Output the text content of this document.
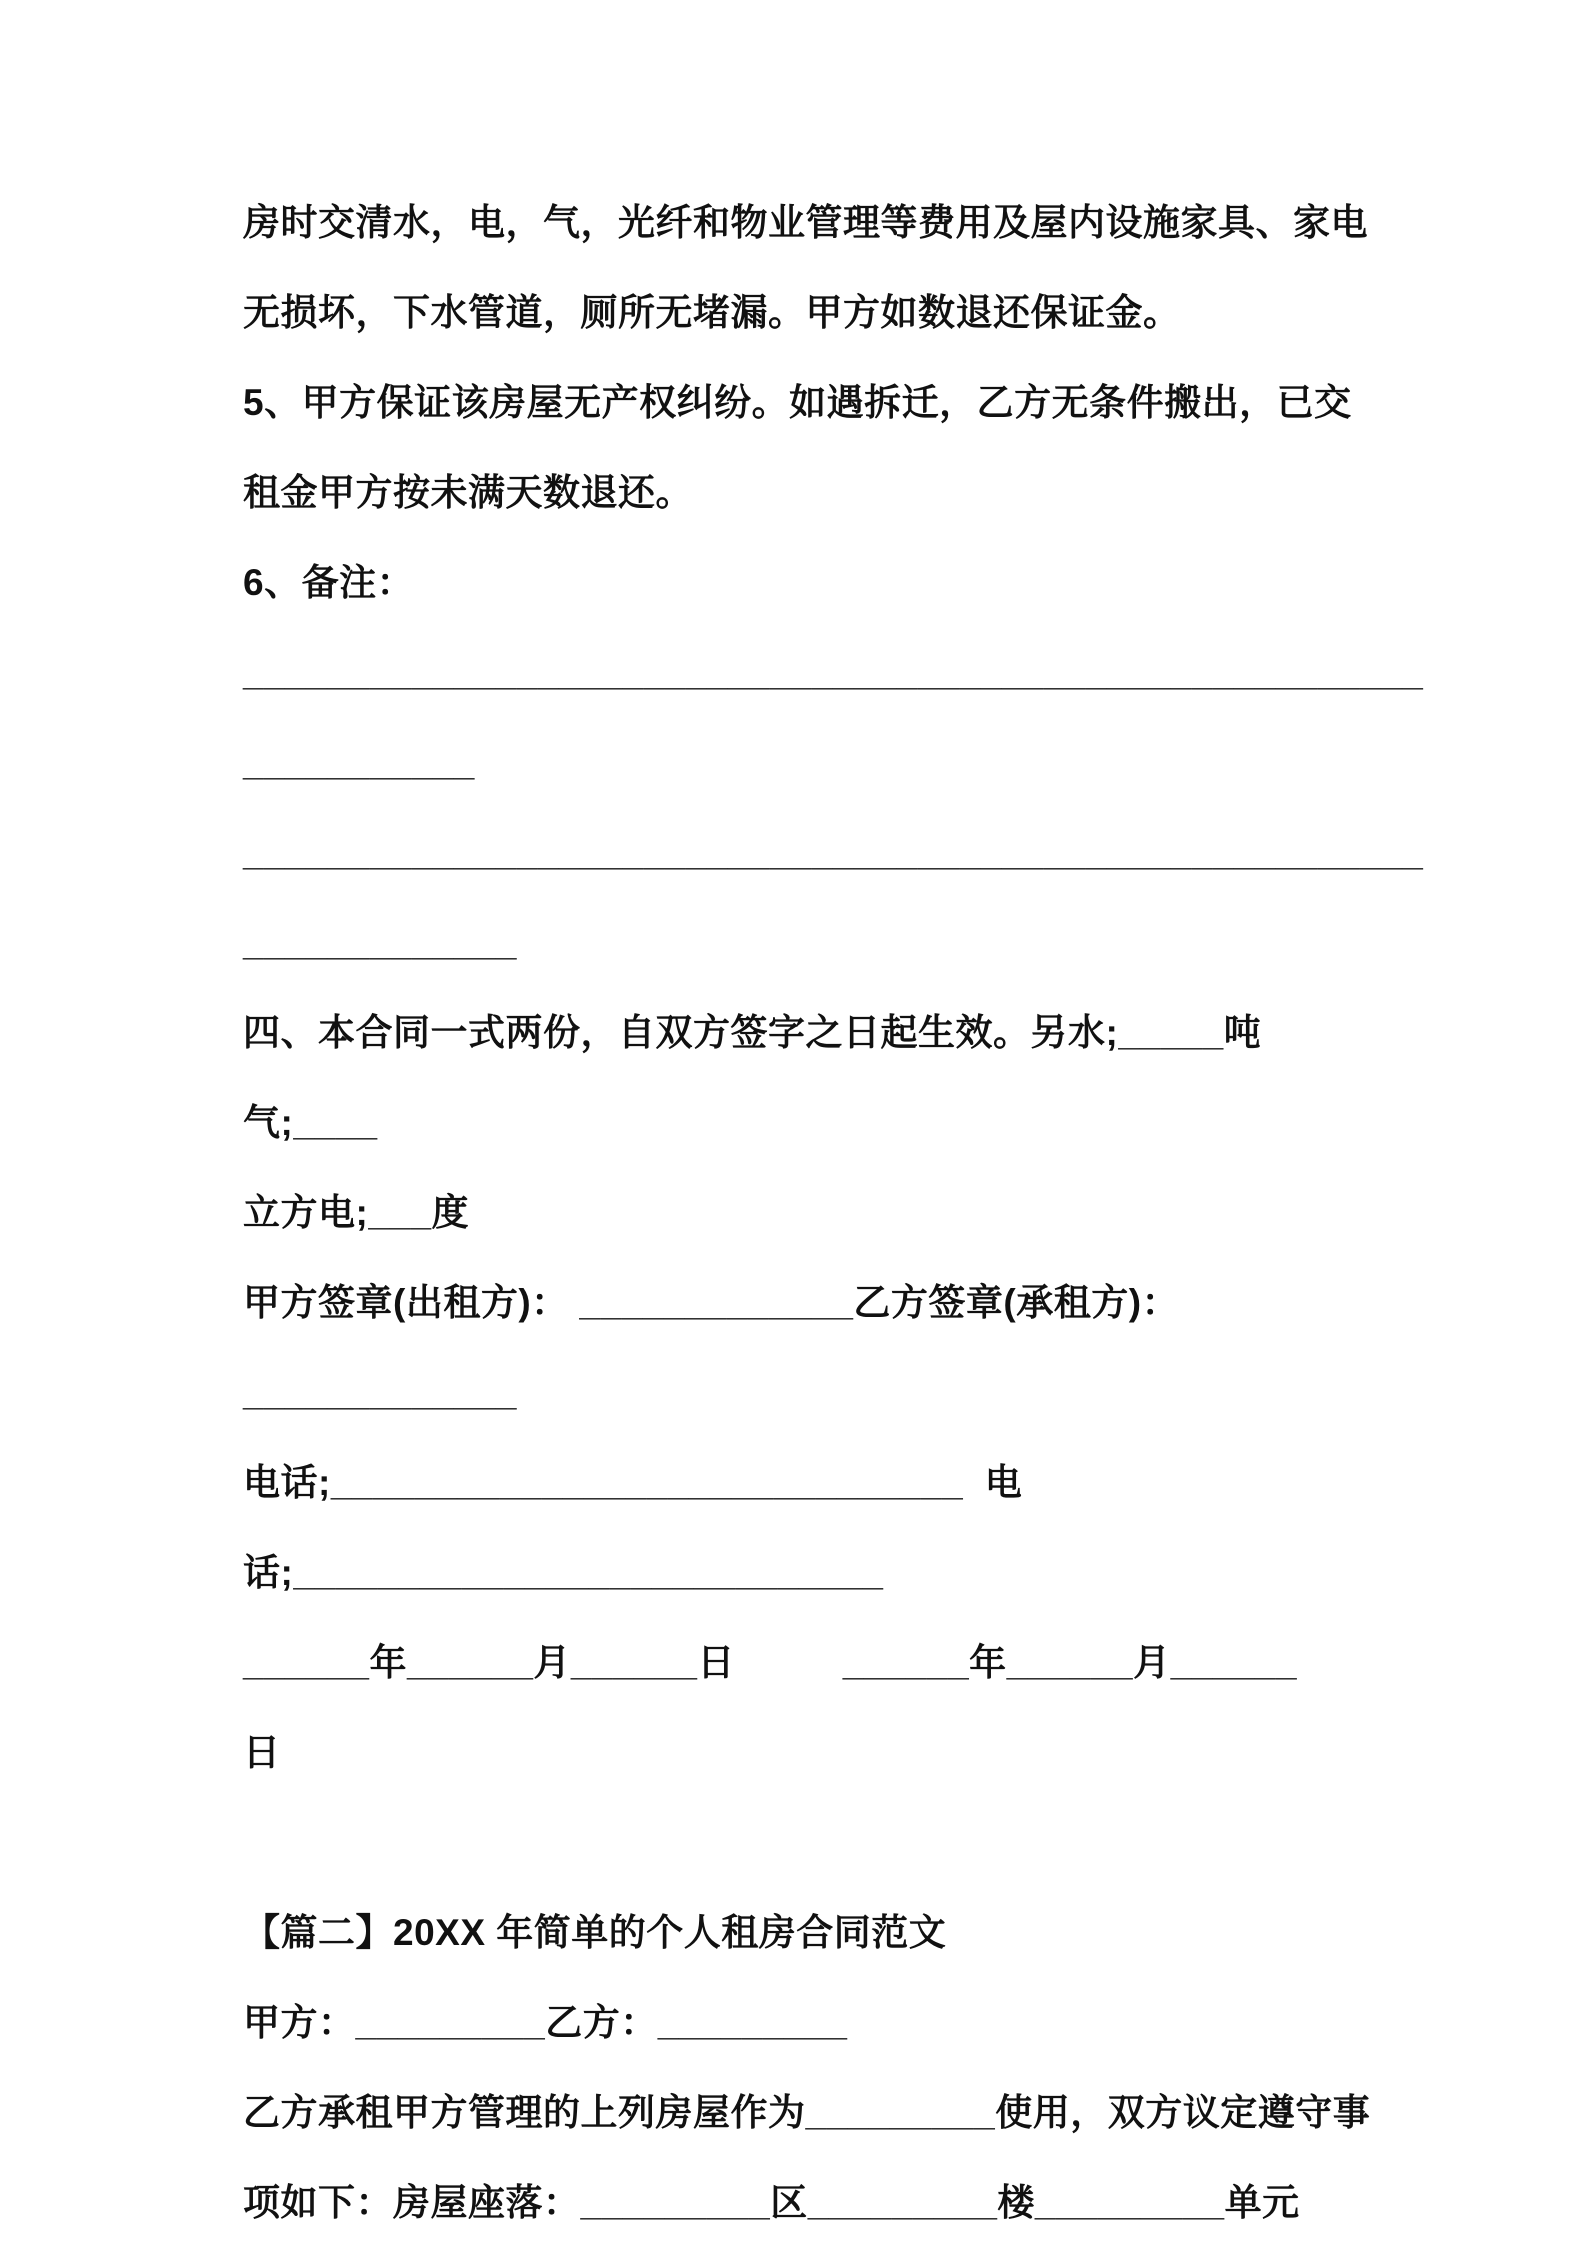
房时交清水，电，气，光纤和物业管理等费用及屋内设施家具、家电
无损坏，下水管道，厕所无堵漏。甲方如数退还保证金。
5、甲方保证该房屋无产权纠纷。如遇拆迁，乙方无条件搬出，已交
租金甲方按未满天数退还。
6、备注：
________________________________________________________
___________
________________________________________________________
_____________
四、本合同一式两份，自双方签字之日起生效。另水;_____吨气;____
立方电;___度
甲方签章(出租方)： _____________乙方签章(承租方)：
_____________
电话;______________________________  电
话;____________________________
______年______月______日          ______年______月______
日
【篇二】20XX 年简单的个人租房合同范文
甲方：_________乙方：_________
乙方承租甲方管理的上列房屋作为_________使用，双方议定遵守事
项如下：房屋座落：_________区_________楼_________单元
